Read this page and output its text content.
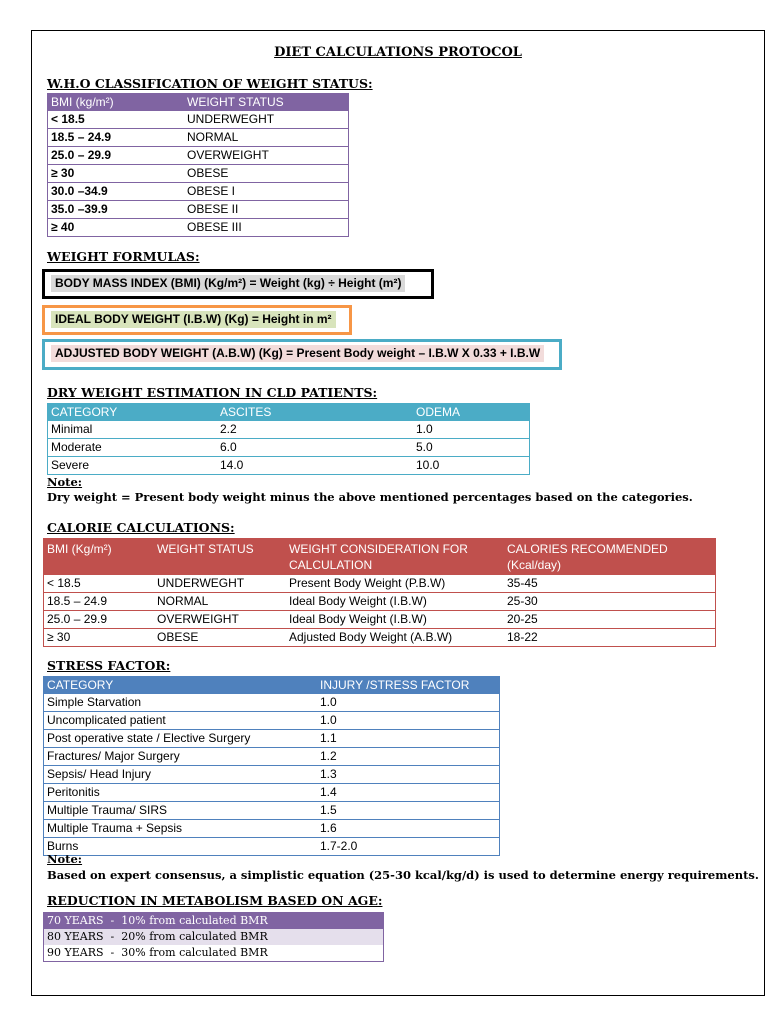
DIET CALCULATIONS PROTOCOL
W.H.O CLASSIFICATION OF WEIGHT STATUS:
BMI (kg/m²)	WEIGHT STATUS
< 18.5	UNDERWEGHT
18.5 – 24.9	NORMAL
25.0 – 29.9	OVERWEIGHT
≥ 30	OBESE
30.0 –34.9	OBESE I
35.0 –39.9	OBESE II
≥ 40	OBESE III
WEIGHT FORMULAS:
BODY MASS INDEX (BMI) (Kg/m²) = Weight (kg) ÷ Height (m²)
IDEAL BODY WEIGHT (I.B.W) (Kg) = Height in m²
ADJUSTED BODY WEIGHT (A.B.W) (Kg) = Present Body weight – I.B.W X 0.33 + I.B.W
DRY WEIGHT ESTIMATION IN CLD PATIENTS:
CATEGORY	ASCITES	ODEMA
Minimal	2.2	1.0
Moderate	6.0	5.0
Severe	14.0	10.0
Note:
Dry weight = Present body weight minus the above mentioned percentages based on the categories.
CALORIE CALCULATIONS:
BMI (Kg/m²)	WEIGHT STATUS	WEIGHT CONSIDERATION FOR CALCULATION	CALORIES RECOMMENDED (Kcal/day)
< 18.5	UNDERWEGHT	Present Body Weight (P.B.W)	35-45
18.5 – 24.9	NORMAL	Ideal Body Weight (I.B.W)	25-30
25.0 – 29.9	OVERWEIGHT	Ideal Body Weight (I.B.W)	20-25
≥ 30	OBESE	Adjusted Body Weight (A.B.W)	18-22
STRESS FACTOR:
CATEGORY	INJURY /STRESS FACTOR
Simple Starvation	1.0
Uncomplicated patient	1.0
Post operative state / Elective Surgery	1.1
Fractures/ Major Surgery	1.2
Sepsis/ Head Injury	1.3
Peritonitis	1.4
Multiple Trauma/ SIRS	1.5
Multiple Trauma + Sepsis	1.6
Burns	1.7-2.0
Note:
Based on expert consensus, a simplistic equation (25-30 kcal/kg/d) is used to determine energy requirements.
REDUCTION IN METABOLISM BASED ON AGE:
70 YEARS  -  10% from calculated BMR
80 YEARS  -  20% from calculated BMR
90 YEARS  -  30% from calculated BMR
